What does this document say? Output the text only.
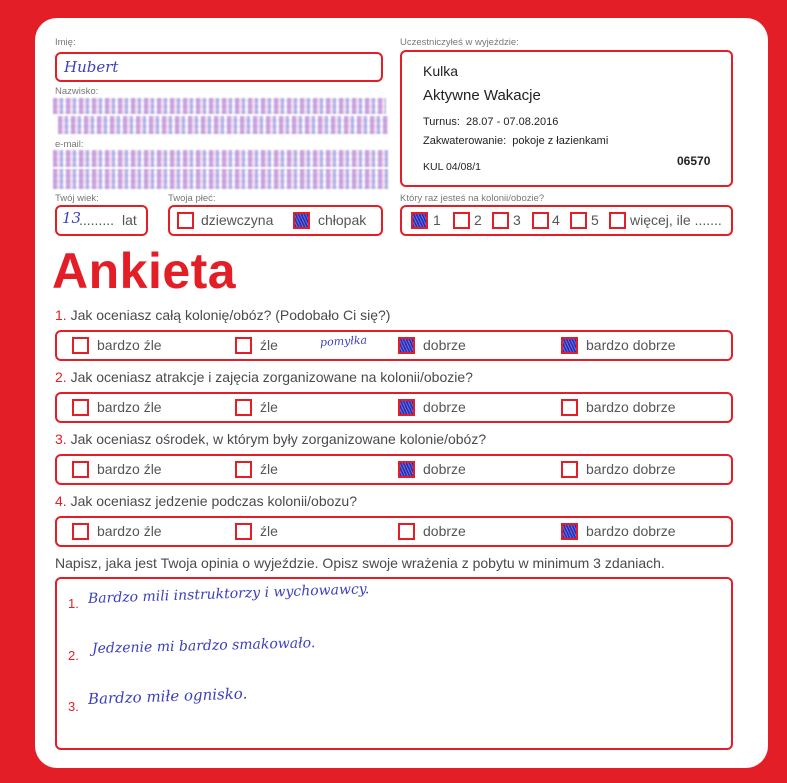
Imię:
Hubert
Nazwisko:
e-mail:
Uczestniczyłeś w wyjeździe:
Kulka
Aktywne Wakacje
Turnus: 28.07 - 07.08.2016
Zakwaterowanie: pokoje z łazienkami
KUL 04/08/1	06570
Twój wiek:
.........
13	lat
Twoja płeć:
dziewczyna	chłopak
Który raz jesteś na kolonii/obozie?
1 2 3 4 5 więcej, ile .......
Ankieta
1. Jak oceniasz całą kolonię/obóz? (Podobało Ci się?)
bardzo źle	źle	dobrze	bardzo dobrze
pomyłka
2. Jak oceniasz atrakcje i zajęcia zorganizowane na kolonii/obozie?
bardzo źle	źle	dobrze	bardzo dobrze
3. Jak oceniasz ośrodek, w którym były zorganizowane kolonie/obóz?
bardzo źle	źle	dobrze	bardzo dobrze
4. Jak oceniasz jedzenie podczas kolonii/obozu?
bardzo źle	źle	dobrze	bardzo dobrze
Napisz, jaka jest Twoja opinia o wyjeździe. Opisz swoje wrażenia z pobytu w minimum 3 zdaniach.
1. Bardzo mili instruktorzy i wychowawcy.
2. Jedzenie mi bardzo smakowało.
3. Bardzo miłe ognisko.
